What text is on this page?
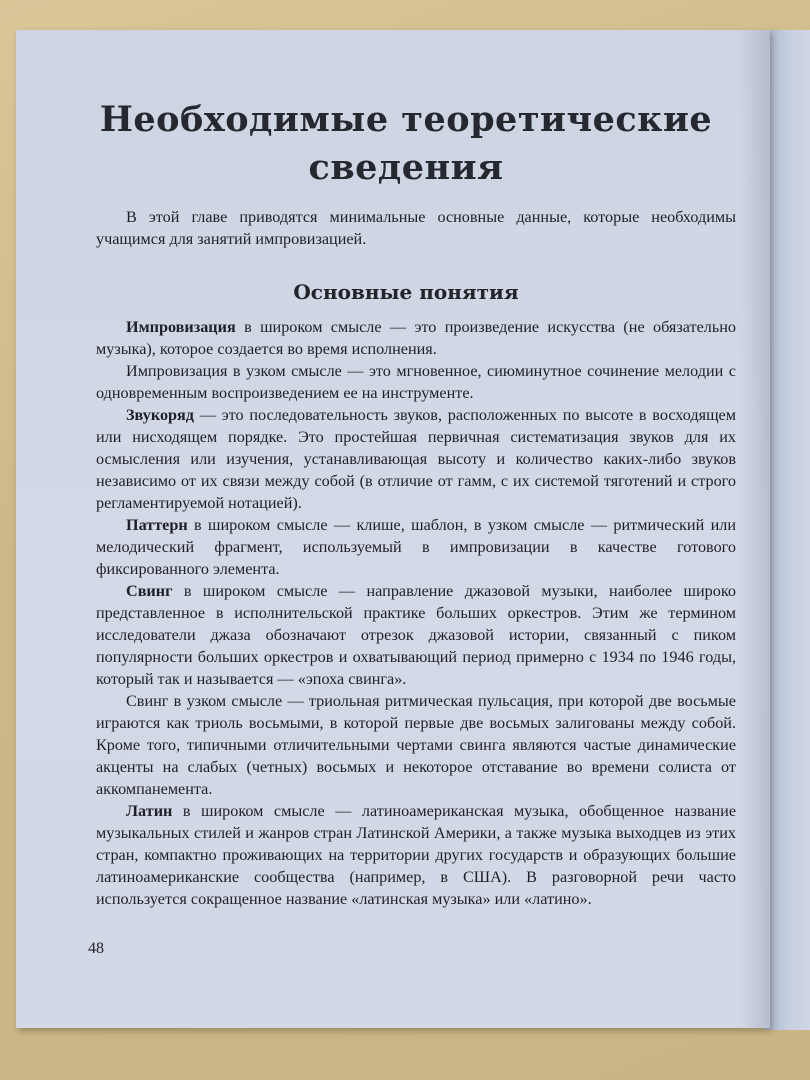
Необходимые теоретические сведения

В этой главе приводятся минимальные основные данные, которые необходимы учащимся для занятий импровизацией.

Основные понятия

Импровизация в широком смысле — это произведение искусства (не обязательно музыка), которое создается во время исполнения.

Импровизация в узком смысле — это мгновенное, сиюминутное сочинение мелодии с одновременным воспроизведением ее на инструменте.

Звукоряд — это последовательность звуков, расположенных по высоте в восходящем или нисходящем порядке. Это простейшая первичная систематизация звуков для их осмысления или изучения, устанавливающая высоту и количество каких-либо звуков независимо от их связи между собой (в отличие от гамм, с их системой тяготений и строго регламентируемой нотацией).

Паттерн в широком смысле — клише, шаблон, в узком смысле — ритмический или мелодический фрагмент, используемый в импровизации в качестве готового фиксированного элемента.

Свинг в широком смысле — направление джазовой музыки, наиболее широко представленное в исполнительской практике больших оркестров. Этим же термином исследователи джаза обозначают отрезок джазовой истории, связанный с пиком популярности больших оркестров и охватывающий период примерно с 1934 по 1946 годы, который так и называется — «эпоха свинга».

Свинг в узком смысле — триольная ритмическая пульсация, при которой две восьмые играются как триоль восьмыми, в которой первые две восьмых залигованы между собой. Кроме того, типичными отличительными чертами свинга являются частые динамические акценты на слабых (четных) восьмых и некоторое отставание во времени солиста от аккомпанемента.

Латин в широком смысле — латиноамериканская музыка, обобщенное название музыкальных стилей и жанров стран Латинской Америки, а также музыка выходцев из этих стран, компактно проживающих на территории других государств и образующих большие латиноамериканские сообщества (например, в США). В разговорной речи часто используется сокращенное название «латинская музыка» или «латино».

48
